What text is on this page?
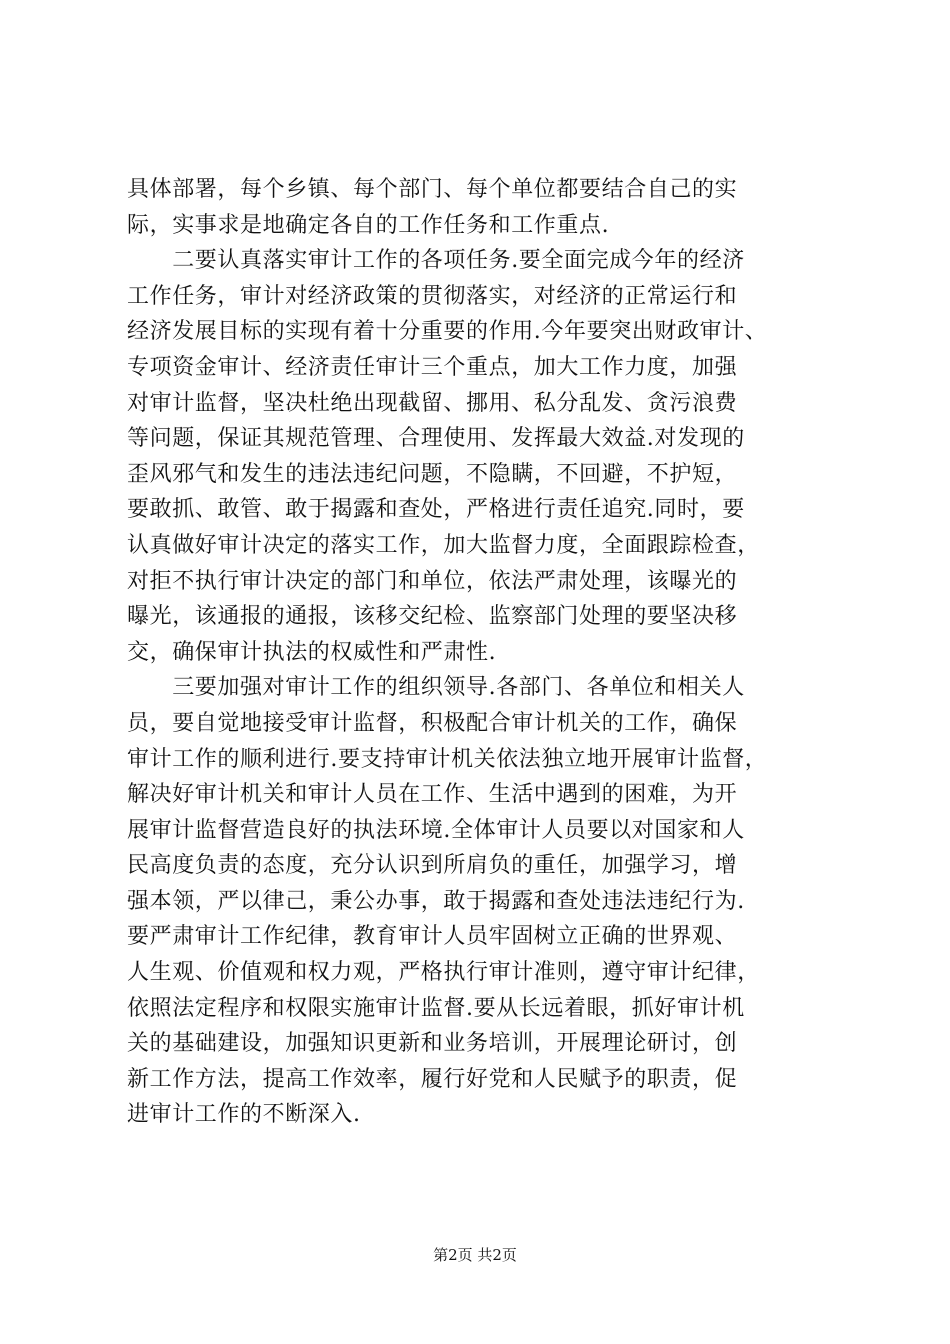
具体部署，每个乡镇、每个部门、每个单位都要结合自己的实
际，实事求是地确定各自的工作任务和工作重点.
　　二要认真落实审计工作的各项任务.要全面完成今年的经济
工作任务，审计对经济政策的贯彻落实，对经济的正常运行和
经济发展目标的实现有着十分重要的作用.今年要突出财政审计、
专项资金审计、经济责任审计三个重点，加大工作力度，加强
对审计监督，坚决杜绝出现截留、挪用、私分乱发、贪污浪费
等问题，保证其规范管理、合理使用、发挥最大效益.对发现的
歪风邪气和发生的违法违纪问题，不隐瞒，不回避，不护短，
要敢抓、敢管、敢于揭露和查处，严格进行责任追究.同时，要
认真做好审计决定的落实工作，加大监督力度，全面跟踪检查，
对拒不执行审计决定的部门和单位，依法严肃处理，该曝光的
曝光，该通报的通报，该移交纪检、监察部门处理的要坚决移
交，确保审计执法的权威性和严肃性.
　　三要加强对审计工作的组织领导.各部门、各单位和相关人
员，要自觉地接受审计监督，积极配合审计机关的工作，确保
审计工作的顺利进行.要支持审计机关依法独立地开展审计监督，
解决好审计机关和审计人员在工作、生活中遇到的困难，为开
展审计监督营造良好的执法环境.全体审计人员要以对国家和人
民高度负责的态度，充分认识到所肩负的重任，加强学习，增
强本领，严以律己，秉公办事，敢于揭露和查处违法违纪行为.
要严肃审计工作纪律，教育审计人员牢固树立正确的世界观、
人生观、价值观和权力观，严格执行审计准则，遵守审计纪律，
依照法定程序和权限实施审计监督.要从长远着眼，抓好审计机
关的基础建设，加强知识更新和业务培训，开展理论研讨，创
新工作方法，提高工作效率，履行好党和人民赋予的职责，促
进审计工作的不断深入.
第2页 共2页
